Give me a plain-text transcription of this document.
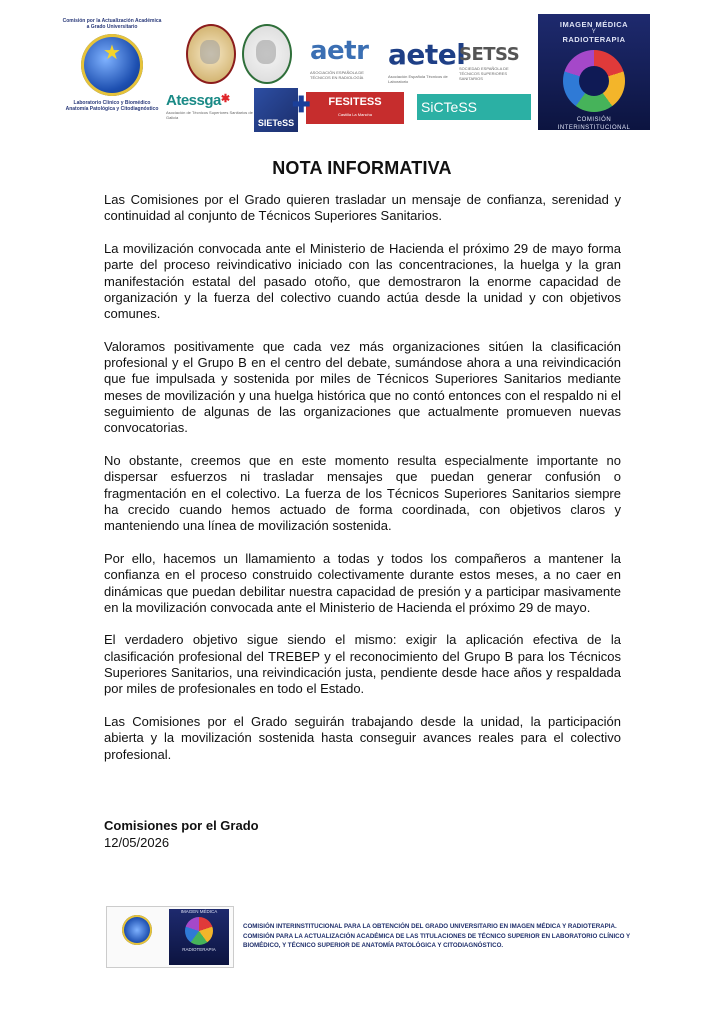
Comisión por la Actualización Académica a Grado Universitario
★
Laboratorio Clínico y Biomédico Anatomía Patológica y Citodiagnóstico
aetr
ASOCIACIÓN ESPAÑOLA DE TÉCNICOS EN RADIOLOGÍA
aetel
Asociación Española Técnicos de Laboratorio
SETSS
SOCIEDAD ESPAÑOLA DE TÉCNICOS SUPERIORES SANITARIOS
Atessga✱
Asociación de Técnicos Superiores Sanitarios de Galicia
SIETeSS
✚ FESITESS
Castilla La Mancha	SiCTeSS
IMAGEN MÉDICA
Y
RADIOTERAPIA
COMISIÓN
INTERINSTITUCIONAL
NOTA INFORMATIVA

Las Comisiones por el Grado quieren trasladar un mensaje de confianza, serenidad y continuidad al conjunto de Técnicos Superiores Sanitarios.

La movilización convocada ante el Ministerio de Hacienda el próximo 29 de mayo forma parte del proceso reivindicativo iniciado con las concentraciones, la huelga y la gran manifestación estatal del pasado otoño, que demostraron la enorme capacidad de organización y la fuerza del colectivo cuando actúa desde la unidad y con objetivos comunes.

Valoramos positivamente que cada vez más organizaciones sitúen la clasificación profesional y el Grupo B en el centro del debate, sumándose ahora a una reivindicación que fue impulsada y sostenida por miles de Técnicos Superiores Sanitarios mediante meses de movilización y una huelga histórica que no contó entonces con el respaldo ni el seguimiento de algunas de las organizaciones que actualmente promueven nuevas convocatorias.

No obstante, creemos que en este momento resulta especialmente importante no dispersar esfuerzos ni trasladar mensajes que puedan generar confusión o fragmentación en el colectivo. La fuerza de los Técnicos Superiores Sanitarios siempre ha crecido cuando hemos actuado de forma coordinada, con objetivos claros y manteniendo una línea de movilización sostenida.

Por ello, hacemos un llamamiento a todas y todos los compañeros a mantener la confianza en el proceso construido colectivamente durante estos meses, a no caer en dinámicas que puedan debilitar nuestra capacidad de presión y a participar masivamente en la movilización convocada ante el Ministerio de Hacienda el próximo 29 de mayo.

El verdadero objetivo sigue siendo el mismo: exigir la aplicación efectiva de la clasificación profesional del TREBEP y el reconocimiento del Grupo B para los Técnicos Superiores Sanitarios, una reivindicación justa, pendiente desde hace años y respaldada por miles de profesionales en todo el Estado.

Las Comisiones por el Grado seguirán trabajando desde la unidad, la participación abierta y la movilización sostenida hasta conseguir avances reales para el colectivo profesional.

Comisiones por el Grado
12/05/2026
IMAGEN MÉDICA
RADIOTERAPIA
COMISIÓN INTERINSTITUCIONAL PARA LA OBTENCIÓN DEL GRADO UNIVERSITARIO EN IMAGEN MÉDICA Y RADIOTERAPIA.
COMISIÓN PARA LA ACTUALIZACIÓN ACADÉMICA DE LAS TITULACIONES DE TÉCNICO SUPERIOR EN LABORATORIO CLÍNICO Y BIOMÉDICO, Y TÉCNICO SUPERIOR DE ANATOMÍA PATOLÓGICA Y CITODIAGNÓSTICO.
